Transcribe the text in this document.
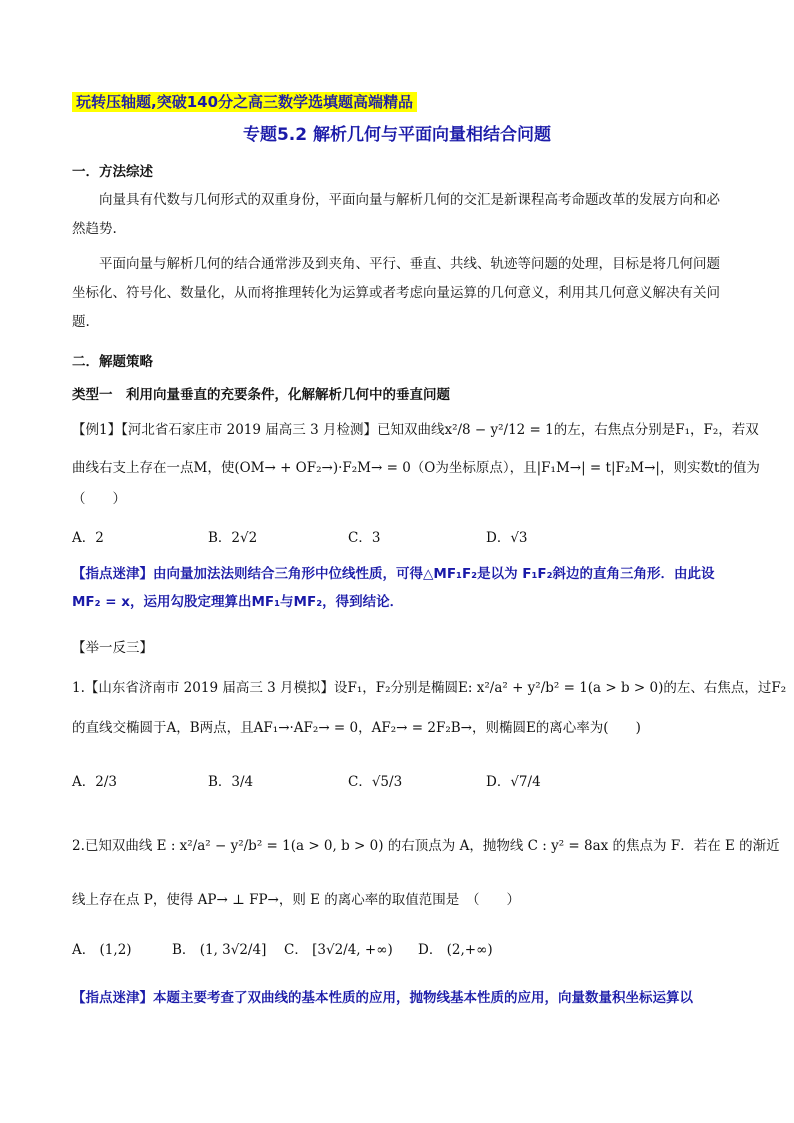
玩转压轴题,突破140分之高三数学选填题高端精品
专题5.2 解析几何与平面向量相结合问题
一．方法综述
向量具有代数与几何形式的双重身份，平面向量与解析几何的交汇是新课程高考命题改革的发展方向和必然趋势.
平面向量与解析几何的结合通常涉及到夹角、平行、垂直、共线、轨迹等问题的处理，目标是将几何问题坐标化、符号化、数量化，从而将推理转化为运算或者考虑向量运算的几何意义，利用其几何意义解决有关问题.
二．解题策略
类型一　利用向量垂直的充要条件，化解解析几何中的垂直问题
【例1】【河北省石家庄市 2019 届高三 3 月检测】已知双曲线x²/8 − y²/12 = 1的左，右焦点分别是F₁，F₂，若双
曲线右支上存在一点M，使(OM→ + OF₂→)·F₂M→ = 0（O为坐标原点），且|F₁M→| = t|F₂M→|，则实数t的值为
（　　）
A．2	B．2√2	C．3	D．√3
【指点迷津】由向量加法法则结合三角形中位线性质，可得△MF₁F₂是以为 F₁F₂斜边的直角三角形．由此设MF₂ = x，运用勾股定理算出MF₁与MF₂，得到结论．
【举一反三】
1.【山东省济南市 2019 届高三 3 月模拟】设F₁，F₂分别是椭圆E: x²/a² + y²/b² = 1(a > b > 0)的左、右焦点，过F₂
的直线交椭圆于A，B两点，且AF₁→·AF₂→ = 0，AF₂→ = 2F₂B→，则椭圆E的离心率为(　　)
A．2/3	B．3/4	C．√5/3	D．√7/4
2.已知双曲线 E : x²/a² − y²/b² = 1(a > 0, b > 0) 的右顶点为 A，抛物线 C : y² = 8ax 的焦点为 F．若在 E 的渐近
线上存在点 P，使得 AP→ ⊥ FP→，则 E 的离心率的取值范围是　（　　）
A． (1,2)	B． (1, 3√2/4] C． [3√2/4, +∞) D． (2,+∞)
【指点迷津】本题主要考查了双曲线的基本性质的应用，抛物线基本性质的应用，向量数量积坐标运算以
